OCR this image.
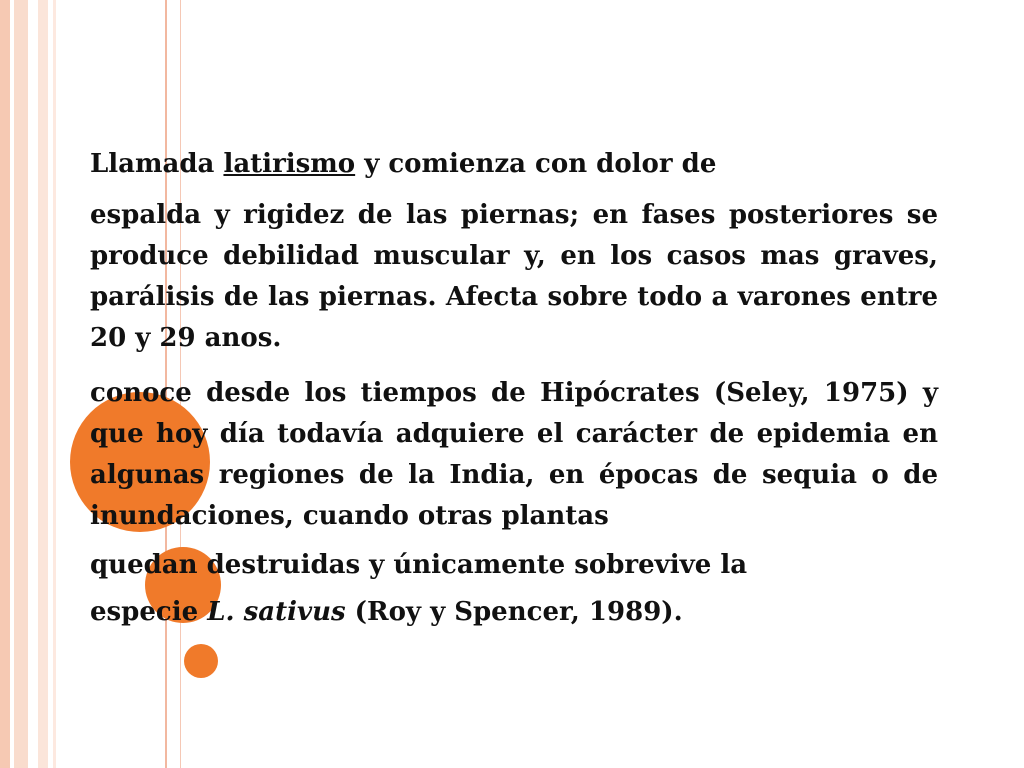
Llamada latirismo y comienza con dolor de

espalda y rigidez de las piernas; en fases posteriores se produce debilidad muscular y, en los casos mas graves, parálisis de las piernas. Afecta sobre todo a varones entre 20 y 29 anos.

conoce desde los tiempos de Hipócrates (Seley, 1975) y que hoy día todavía adquiere el carácter de epidemia en algunas regiones de la India, en épocas de sequia o de inundaciones, cuando otras plantas

quedan destruidas y únicamente sobrevive la

especie L. sativus (Roy y Spencer, 1989).
